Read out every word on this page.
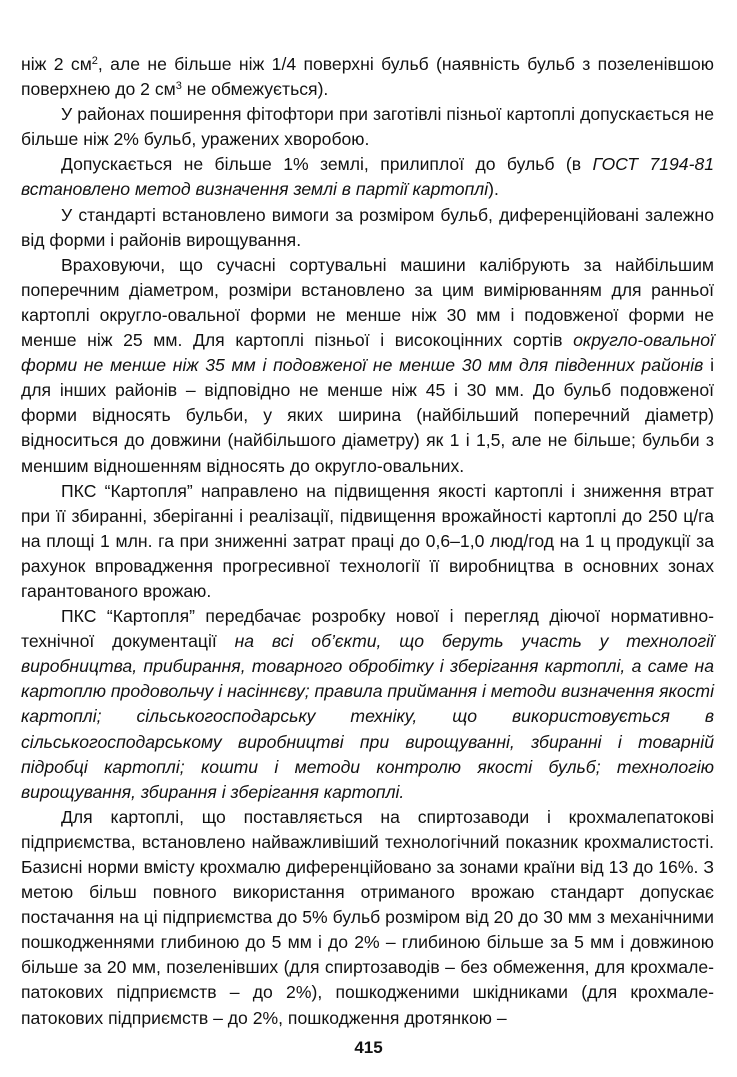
ніж 2 $см^2$, але не більше ніж 1/4 поверхні бульб (наявність бульб з позеленівшою поверхнею до 2 $см^3$ не обмежується).

У районах поширення фітофтори при заготівлі пізньої картоплі допускається не більше ніж 2% бульб, уражених хворобою.

Допускається не більше 1% землі, прилиплої до бульб (в ГОСТ 7194-81 встановлено метод визначення землі в партії картоплі).

У стандарті встановлено вимоги за розміром бульб, диференційовані залежно від форми і районів вирощування.

Враховуючи, що сучасні сортувальні машини калібрують за найбільшим поперечним діаметром, розміри встановлено за цим вимірюванням для ранньої картоплі округло-овальної форми не менше ніж 30 мм і подовженої форми не менше ніж 25 мм. Для картоплі пізньої і високоцінних сортів округло-овальної форми не менше ніж 35 мм і подовженої не менше 30 мм для південних районів і для інших районів – відповідно не менше ніж 45 і 30 мм. До бульб подовженої форми відносять бульби, у яких ширина (найбільший поперечний діаметр) відноситься до довжини (найбільшого діаметру) як 1 і 1,5, але не більше; бульби з меншим відношенням відносять до округло-овальних.

ПКС “Картопля” направлено на підвищення якості картоплі і зниження втрат при її збиранні, зберіганні і реалізації, підвищення врожайності картоплі до 250 ц/га на площі 1 млн. га при зниженні затрат праці до 0,6–1,0 люд/год на 1 ц продукції за рахунок впровадження прогресивної технології її виробництва в основних зонах гарантованого врожаю.

ПКС “Картопля” передбачає розробку нової і перегляд діючої нормативно-технічної документації на всі об’єкти, що беруть участь у технології виробництва, прибирання, товарного обробітку і зберігання картоплі, а саме на картоплю продовольчу і насіннєву; правила приймання і методи визначення якості картоплі; сільськогосподарську техніку, що використовується в сільськогосподарському виробництві при вирощуванні, збиранні і товарній підробці картоплі; кошти і методи контролю якості бульб; технологію вирощування, збирання і зберігання картоплі.

Для картоплі, що поставляється на спиртозаводи і крохмалепатокові підприємства, встановлено найважливіший технологічний показник крохмалистості. Базисні норми вмісту крохмалю диференційовано за зонами країни від 13 до 16%. З метою більш повного використання отриманого врожаю стандарт допускає постачання на ці підприємства до 5% бульб розміром від 20 до 30 мм з механічними пошкодженнями глибиною до 5 мм і до 2% – глибиною більше за 5 мм і довжиною більше за 20 мм, позеленівших (для спиртозаводів – без обмеження, для крохмале-патокових підприємств – до 2%), пошкодженими шкідниками (для крохмале-патокових підприємств – до 2%, пошкодження дротянкою –

415
